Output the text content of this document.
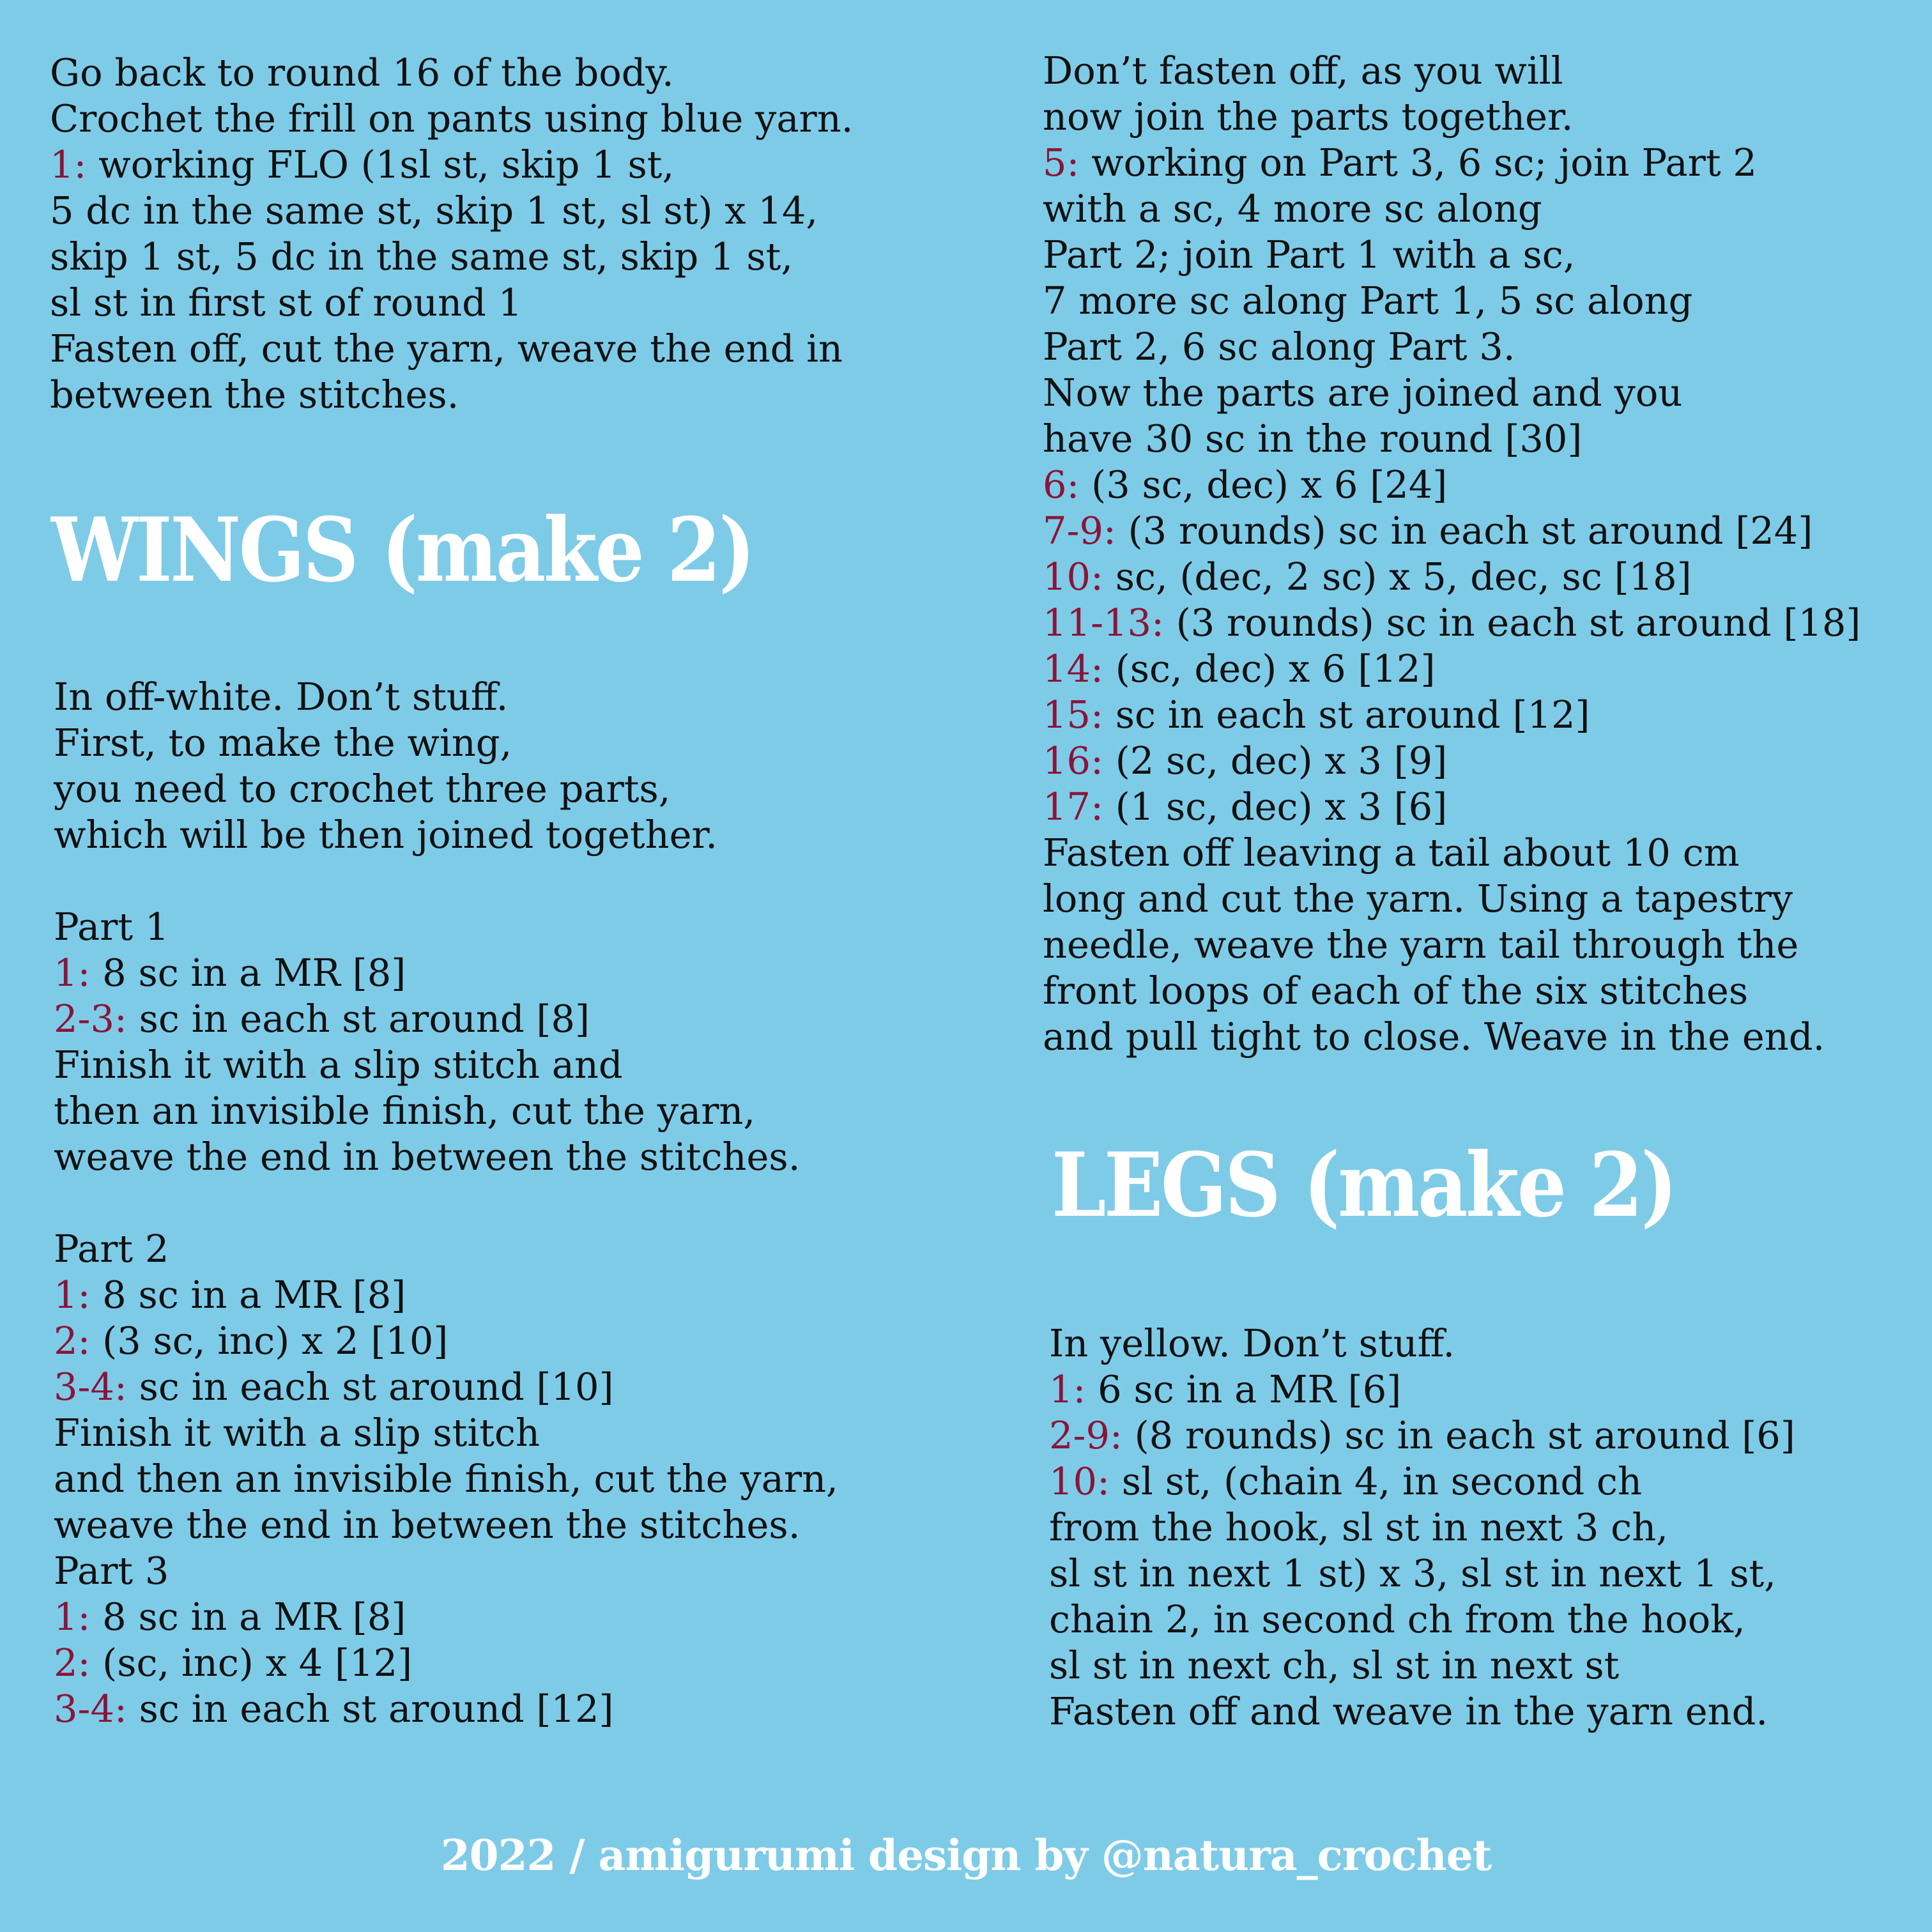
Go back to round 16 of the body.
Crochet the frill on pants using blue yarn.
1: working FLO (1sl st, skip 1 st,
5 dc in the same st, skip 1 st, sl st) x 14,
skip 1 st, 5 dc in the same st, skip 1 st,
sl st in first st of round 1
Fasten off, cut the yarn, weave the end in
between the stitches.
WINGS (make 2)
In off-white. Don’t stuff.
First, to make the wing,
you need to crochet three parts,
which will be then joined together.
Part 1
1: 8 sc in a MR [8]
2-3: sc in each st around [8]
Finish it with a slip stitch and
then an invisible finish, cut the yarn,
weave the end in between the stitches.
Part 2
1: 8 sc in a MR [8]
2: (3 sc, inc) x 2 [10]
3-4: sc in each st around [10]
Finish it with a slip stitch
and then an invisible finish, cut the yarn,
weave the end in between the stitches.
Part 3
1: 8 sc in a MR [8]
2: (sc, inc) x 4 [12]
3-4: sc in each st around [12]
Don’t fasten off, as you will
now join the parts together.
5: working on Part 3, 6 sc; join Part 2
with a sc, 4 more sc along
Part 2; join Part 1 with a sc,
7 more sc along Part 1, 5 sc along
Part 2, 6 sc along Part 3.
Now the parts are joined and you
have 30 sc in the round [30]
6: (3 sc, dec) x 6 [24]
7-9: (3 rounds) sc in each st around [24]
10: sc, (dec, 2 sc) x 5, dec, sc [18]
11-13: (3 rounds) sc in each st around [18]
14: (sc, dec) x 6 [12]
15: sc in each st around [12]
16: (2 sc, dec) x 3 [9]
17: (1 sc, dec) x 3 [6]
Fasten off leaving a tail about 10 cm
long and cut the yarn. Using a tapestry
needle, weave the yarn tail through the
front loops of each of the six stitches
and pull tight to close. Weave in the end.
LEGS (make 2)
In yellow. Don’t stuff.
1: 6 sc in a MR [6]
2-9: (8 rounds) sc in each st around [6]
10: sl st, (chain 4, in second ch
from the hook, sl st in next 3 ch,
sl st in next 1 st) x 3, sl st in next 1 st,
chain 2, in second ch from the hook,
sl st in next ch, sl st in next st
Fasten off and weave in the yarn end.
2022 / amigurumi design by @natura_crochet
